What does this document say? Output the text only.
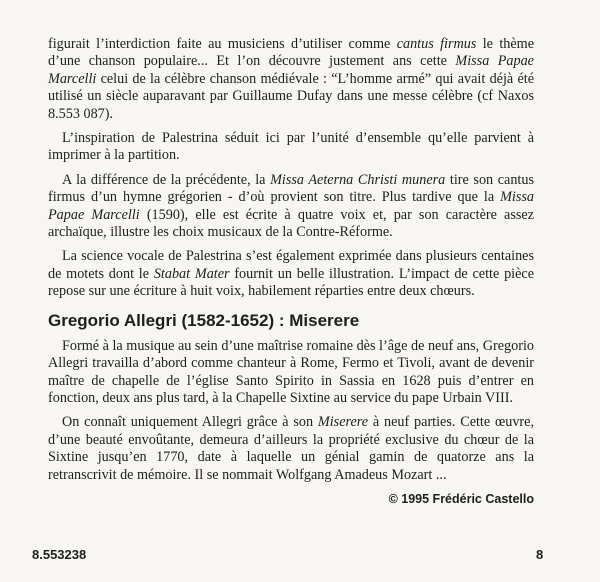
figurait l’interdiction faite au musiciens d’utiliser comme cantus firmus le thème d’une chanson populaire... Et l’on découvre justement ans cette Missa Papae Marcelli celui de la célèbre chanson médiévale : “L’homme armé” qui avait déjà été utilisé un siècle auparavant par Guillaume Dufay dans une messe célèbre (cf Naxos 8.553 087).

L’inspiration de Palestrina séduit ici par l’unité d’ensemble qu’elle parvient à imprimer à la partition.

A la différence de la précédente, la Missa Aeterna Christi munera tire son cantus firmus d’un hymne grégorien - d’où provient son titre. Plus tardive que la Missa Papae Marcelli (1590), elle est écrite à quatre voix et, par son caractère assez archaïque, illustre les choix musicaux de la Contre-Réforme.

La science vocale de Palestrina s’est également exprimée dans plusieurs centaines de motets dont le Stabat Mater fournit un belle illustration. L’impact de cette pièce repose sur une écriture à huit voix, habilement réparties entre deux chœurs.

Gregorio Allegri (1582-1652) : Miserere

Formé à la musique au sein d’une maîtrise romaine dès l’âge de neuf ans, Gregorio Allegri travailla d’abord comme chanteur à Rome, Fermo et Tivoli, avant de devenir maître de chapelle de l’église Santo Spirito in Sassia en 1628 puis d’entrer en fonction, deux ans plus tard, à la Chapelle Sixtine au service du pape Urbain VIII.

On connaît uniquement Allegri grâce à son Miserere à neuf parties. Cette œuvre, d’une beauté envoûtante, demeura d’ailleurs la propriété exclusive du chœur de la Sixtine jusqu’en 1770, date à laquelle un génial gamin de quatorze ans la retranscrivit de mémoire. Il se nommait Wolfgang Amadeus Mozart ...

© 1995 Frédéric Castello
8.553238	8
